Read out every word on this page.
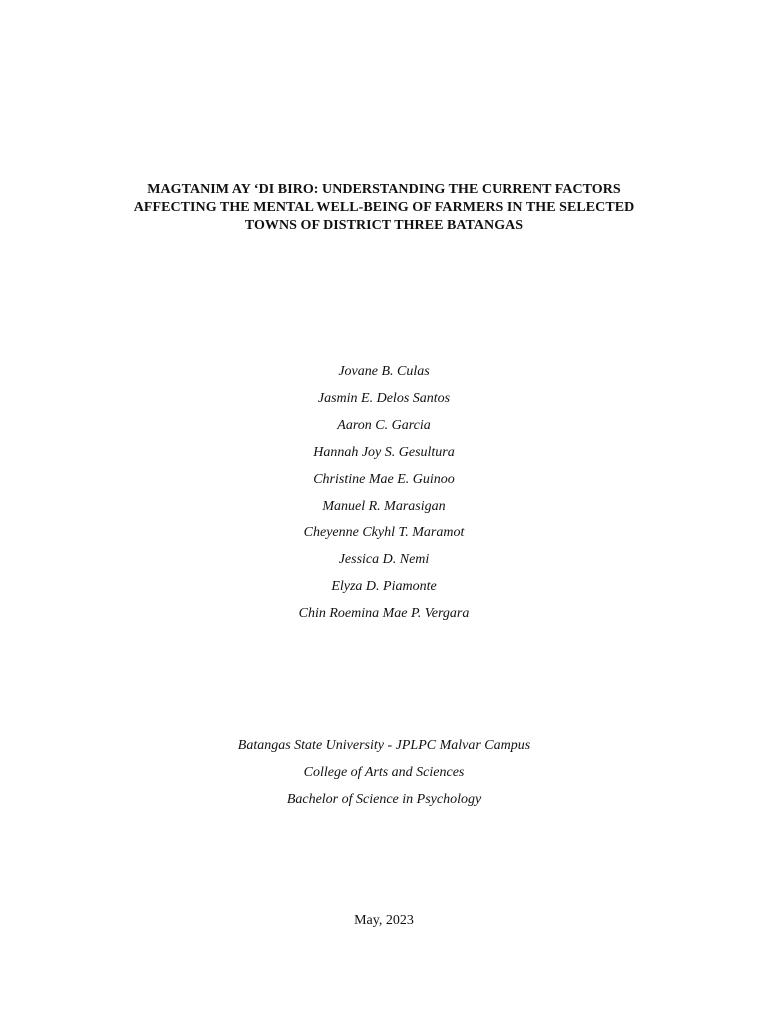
MAGTANIM AY ‘DI BIRO: UNDERSTANDING THE CURRENT FACTORS
AFFECTING THE MENTAL WELL-BEING OF FARMERS IN THE SELECTED
TOWNS OF DISTRICT THREE BATANGAS
Jovane B. Culas
Jasmin E. Delos Santos
Aaron C. Garcia
Hannah Joy S. Gesultura
Christine Mae E. Guinoo
Manuel R. Marasigan
Cheyenne Ckyhl T. Maramot
Jessica D. Nemi
Elyza D. Piamonte
Chin Roemina Mae P. Vergara
Batangas State University - JPLPC Malvar Campus
College of Arts and Sciences
Bachelor of Science in Psychology
May, 2023
